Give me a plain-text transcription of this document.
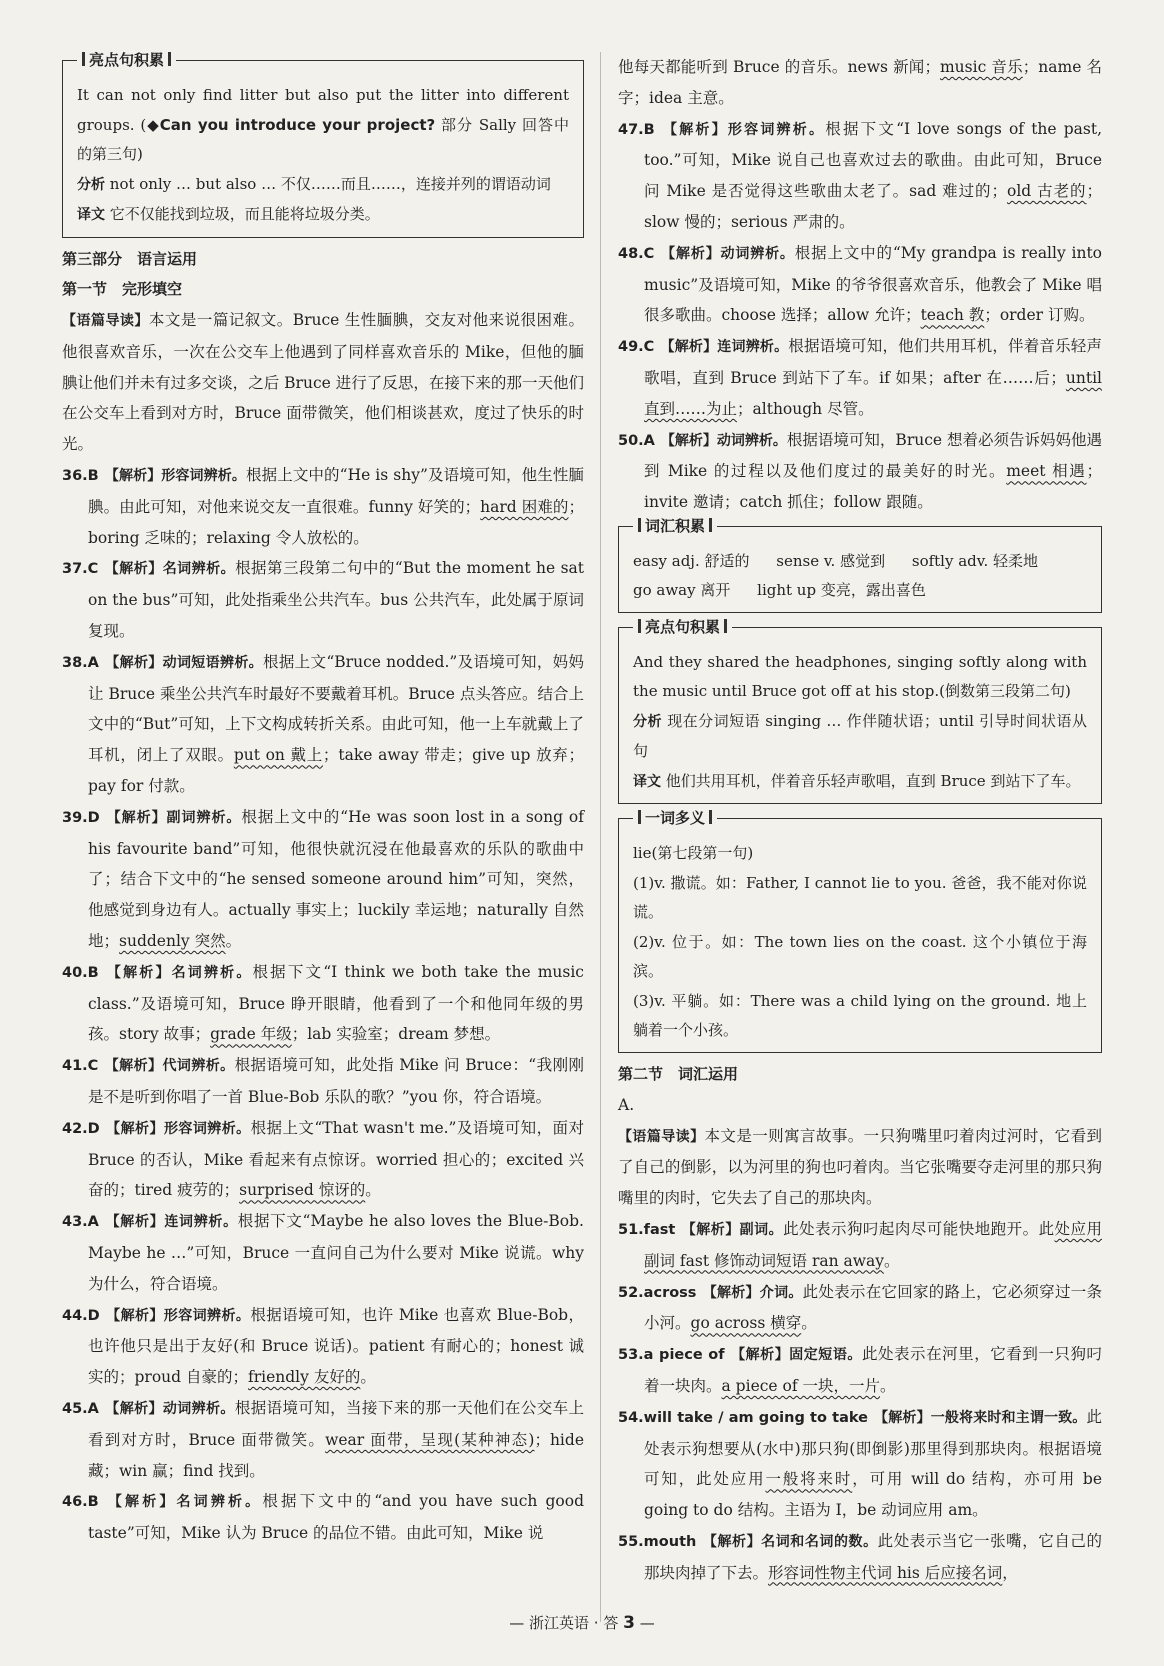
亮点句积累
It can not only find litter but also put the litter into different groups. (◆Can you introduce your project? 部分 Sally 回答中的第三句)
分析 not only … but also … 不仅……而且……，连接并列的谓语动词
译文 它不仅能找到垃圾，而且能将垃圾分类。
第三部分　语言运用
第一节　完形填空
【语篇导读】本文是一篇记叙文。Bruce 生性腼腆，交友对他来说很困难。他很喜欢音乐，一次在公交车上他遇到了同样喜欢音乐的 Mike，但他的腼腆让他们并未有过多交谈，之后 Bruce 进行了反思，在接下来的那一天他们在公交车上看到对方时，Bruce 面带微笑，他们相谈甚欢，度过了快乐的时光。
36.B 【解析】形容词辨析。根据上文中的“He is shy”及语境可知，他生性腼腆。由此可知，对他来说交友一直很难。funny 好笑的；hard 困难的；boring 乏味的；relaxing 令人放松的。
37.C 【解析】名词辨析。根据第三段第二句中的“But the moment he sat on the bus”可知，此处指乘坐公共汽车。bus 公共汽车，此处属于原词复现。
38.A 【解析】动词短语辨析。根据上文“Bruce nodded.”及语境可知，妈妈让 Bruce 乘坐公共汽车时最好不要戴着耳机。Bruce 点头答应。结合上文中的“But”可知，上下文构成转折关系。由此可知，他一上车就戴上了耳机，闭上了双眼。put on 戴上；take away 带走；give up 放弃；pay for 付款。
39.D 【解析】副词辨析。根据上文中的“He was soon lost in a song of his favourite band”可知，他很快就沉浸在他最喜欢的乐队的歌曲中了；结合下文中的“he sensed someone around him”可知，突然，他感觉到身边有人。actually 事实上；luckily 幸运地；naturally 自然地；suddenly 突然。
40.B 【解析】名词辨析。根据下文“I think we both take the music class.”及语境可知，Bruce 睁开眼睛，他看到了一个和他同年级的男孩。story 故事；grade 年级；lab 实验室；dream 梦想。
41.C 【解析】代词辨析。根据语境可知，此处指 Mike 问 Bruce：“我刚刚是不是听到你唱了一首 Blue-Bob 乐队的歌？”you 你，符合语境。
42.D 【解析】形容词辨析。根据上文“That wasn't me.”及语境可知，面对 Bruce 的否认，Mike 看起来有点惊讶。worried 担心的；excited 兴奋的；tired 疲劳的；surprised 惊讶的。
43.A 【解析】连词辨析。根据下文“Maybe he also loves the Blue-Bob. Maybe he …”可知，Bruce 一直问自己为什么要对 Mike 说谎。why 为什么，符合语境。
44.D 【解析】形容词辨析。根据语境可知，也许 Mike 也喜欢 Blue-Bob，也许他只是出于友好(和 Bruce 说话)。patient 有耐心的；honest 诚实的；proud 自豪的；friendly 友好的。
45.A 【解析】动词辨析。根据语境可知，当接下来的那一天他们在公交车上看到对方时，Bruce 面带微笑。wear 面带，呈现(某种神态)；hide 藏；win 赢；find 找到。
46.B 【解析】名词辨析。根据下文中的“and you have such good taste”可知，Mike 认为 Bruce 的品位不错。由此可知，Mike 说
他每天都能听到 Bruce 的音乐。news 新闻；music 音乐；name 名字；idea 主意。
47.B 【解析】形容词辨析。根据下文“I love songs of the past, too.”可知，Mike 说自己也喜欢过去的歌曲。由此可知，Bruce 问 Mike 是否觉得这些歌曲太老了。sad 难过的；old 古老的；slow 慢的；serious 严肃的。
48.C 【解析】动词辨析。根据上文中的“My grandpa is really into music”及语境可知，Mike 的爷爷很喜欢音乐，他教会了 Mike 唱很多歌曲。choose 选择；allow 允许；teach 教；order 订购。
49.C 【解析】连词辨析。根据语境可知，他们共用耳机，伴着音乐轻声歌唱，直到 Bruce 到站下了车。if 如果；after 在……后；until 直到……为止；although 尽管。
50.A 【解析】动词辨析。根据语境可知，Bruce 想着必须告诉妈妈他遇到 Mike 的过程以及他们度过的最美好的时光。meet 相遇；invite 邀请；catch 抓住；follow 跟随。
词汇积累
easy adj. 舒适的 sense v. 感觉到 softly adv. 轻柔地
go away 离开 light up 变亮，露出喜色
亮点句积累
And they shared the headphones, singing softly along with the music until Bruce got off at his stop.(倒数第三段第二句)
分析 现在分词短语 singing … 作伴随状语；until 引导时间状语从句
译文 他们共用耳机，伴着音乐轻声歌唱，直到 Bruce 到站下了车。
一词多义
lie(第七段第一句)
(1)v. 撒谎。如：Father, I cannot lie to you. 爸爸，我不能对你说谎。
(2)v. 位于。如：The town lies on the coast. 这个小镇位于海滨。
(3)v. 平躺。如：There was a child lying on the ground. 地上躺着一个小孩。
第二节　词汇运用
A.
【语篇导读】本文是一则寓言故事。一只狗嘴里叼着肉过河时，它看到了自己的倒影，以为河里的狗也叼着肉。当它张嘴要夺走河里的那只狗嘴里的肉时，它失去了自己的那块肉。
51.fast 【解析】副词。此处表示狗叼起肉尽可能快地跑开。此处应用副词 fast 修饰动词短语 ran away。
52.across 【解析】介词。此处表示在它回家的路上，它必须穿过一条小河。go across 横穿。
53.a piece of 【解析】固定短语。此处表示在河里，它看到一只狗叼着一块肉。a piece of 一块，一片。
54.will take / am going to take 【解析】一般将来时和主谓一致。此处表示狗想要从(水中)那只狗(即倒影)那里得到那块肉。根据语境可知，此处应用一般将来时，可用 will do 结构，亦可用 be going to do 结构。主语为 I，be 动词应用 am。
55.mouth 【解析】名词和名词的数。此处表示当它一张嘴，它自己的那块肉掉了下去。形容词性物主代词 his 后应接名词，
— 浙江英语 · 答 3 —
